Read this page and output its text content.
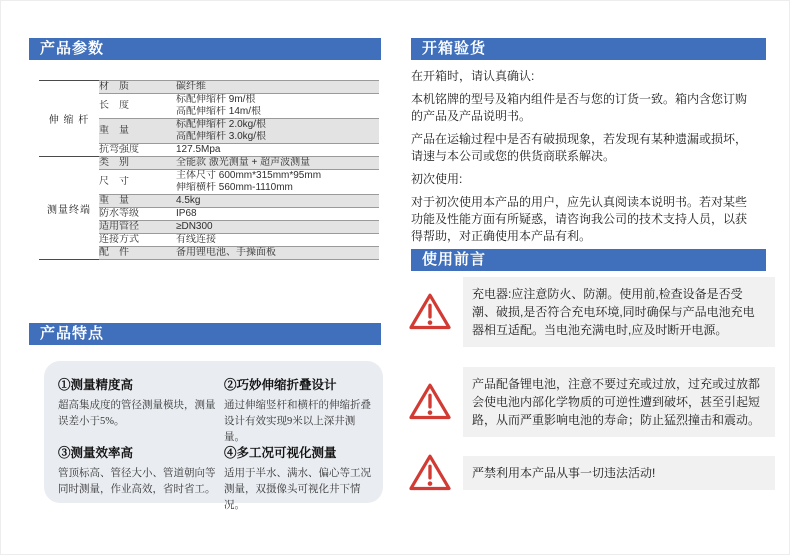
产品参数
伸 缩 杆	材　质	碳纤维

	长　度	标配伸缩杆 9m/根
高配伸缩杆 14m/根

	重　量	标配伸缩杆 2.0kg/根
高配伸缩杆 3.0kg/根

	抗弯强度	127.5Mpa

测量终端	类　别	全能款 激光测量 + 超声波测量

	尺　寸	主体尺寸 600mm*315mm*95mm
伸缩横杆 560mm-1110mm

	重　量	4.5kg

	防水等级	IP68

	适用管径	≥DN300

	连接方式	有线连接

	配　件	备用锂电池、手操面板
产品特点

①测量精度高

超高集成度的管径测量模块，测量误差小于5%。

②巧妙伸缩折叠设计

通过伸缩竖杆和横杆的伸缩折叠设计有效实现9米以上深井测量。

③测量效率高

管顶标高、管径大小、管道朝向等同时测量，作业高效，省时省工。

④多工况可视化测量

适用于半水、满水、偏心等工况测量，双摄像头可视化井下情况。

开箱验货

在开箱时，请认真确认:

本机铭牌的型号及箱内组件是否与您的订货一致。箱内含您订购的产品及产品说明书。

产品在运输过程中是否有破损现象，若发现有某种遗漏或损坏，请速与本公司或您的供货商联系解决。

初次使用:

对于初次使用本产品的用户，应先认真阅读本说明书。若对某些功能及性能方面有所疑惑，请咨询我公司的技术支持人员，以获得帮助，对正确使用本产品有利。

使用前言
充电器:应注意防火、防潮。使用前,检查设备是否受潮、破损,是否符合充电环境,同时确保与产品电池充电器相互适配。当电池充满电时,应及时断开电源。
产品配备锂电池，注意不要过充或过放，过充或过放都会使电池内部化学物质的可逆性遭到破坏，甚至引起短路，从而严重影响电池的寿命；防止猛烈撞击和震动。
严禁利用本产品从事一切违法活动!
